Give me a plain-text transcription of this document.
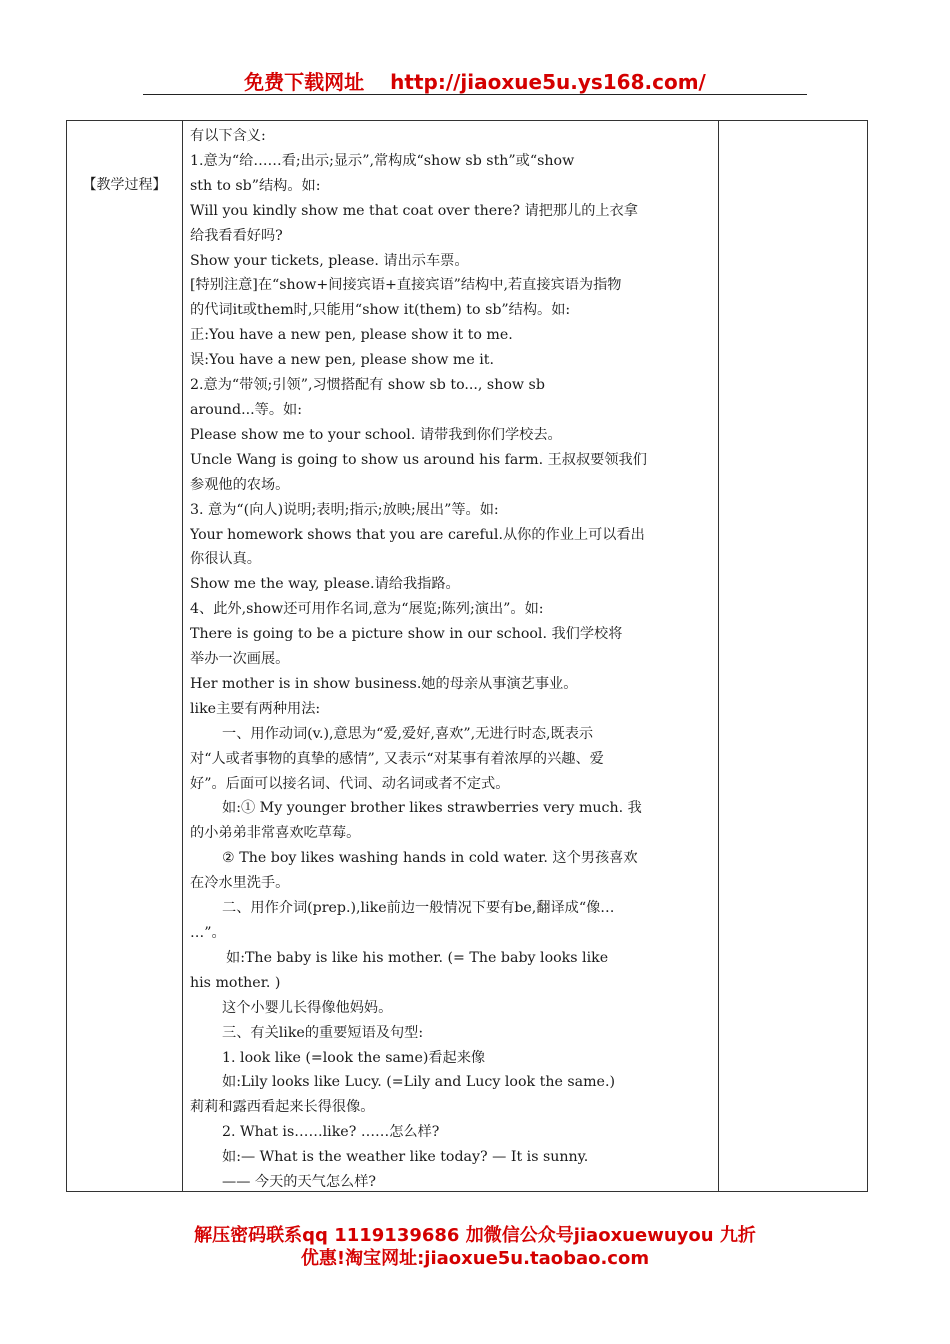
免费下载网址 http://jiaoxue5u.ys168.com/
【教学过程】

有以下含义:

1.意为“给……看;出示;显示”,常构成“show sb sth”或“show

sth to sb”结构。如:

Will you kindly show me that coat over there? 请把那儿的上衣拿

给我看看好吗?

Show your tickets, please. 请出示车票。

[特别注意]在“show+间接宾语+直接宾语”结构中,若直接宾语为指物

的代词it或them时,只能用“show it(them) to sb”结构。如:

正:You have a new pen, please show it to me.

误:You have a new pen, please show me it.

2.意为“带领;引领”,习惯搭配有 show sb to..., show sb

around...等。如:

Please show me to your school. 请带我到你们学校去。

Uncle Wang is going to show us around his farm. 王叔叔要领我们

参观他的农场。

3. 意为“(向人)说明;表明;指示;放映;展出”等。如:

Your homework shows that you are careful.从你的作业上可以看出

你很认真。

Show me the way, please.请给我指路。

4、此外,show还可用作名词,意为“展览;陈列;演出”。如:

There is going to be a picture show in our school. 我们学校将

举办一次画展。

Her mother is in show business.她的母亲从事演艺事业。

like主要有两种用法:

一、用作动词(v.),意思为“爱,爱好,喜欢”,无进行时态,既表示

对“人或者事物的真挚的感情”, 又表示“对某事有着浓厚的兴趣、爱

好”。后面可以接名词、代词、动名词或者不定式。

如:① My younger brother likes strawberries very much. 我

的小弟弟非常喜欢吃草莓。

② The boy likes washing hands in cold water. 这个男孩喜欢

在冷水里洗手。

二、用作介词(prep.),like前边一般情况下要有be,翻译成“像…

…”。

如:The baby is like his mother. (= The baby looks like

his mother. )

这个小婴儿长得像他妈妈。

三、有关like的重要短语及句型:

1. look like (=look the same)看起来像

如:Lily looks like Lucy. (=Lily and Lucy look the same.)

莉莉和露西看起来长得很像。

2. What is……like? ……怎么样?

如:— What is the weather like today? — It is sunny.

—— 今天的天气怎么样?

解压密码联系qq 1119139686 加微信公众号jiaoxuewuyou 九折
优惠!淘宝网址:jiaoxue5u.taobao.com
